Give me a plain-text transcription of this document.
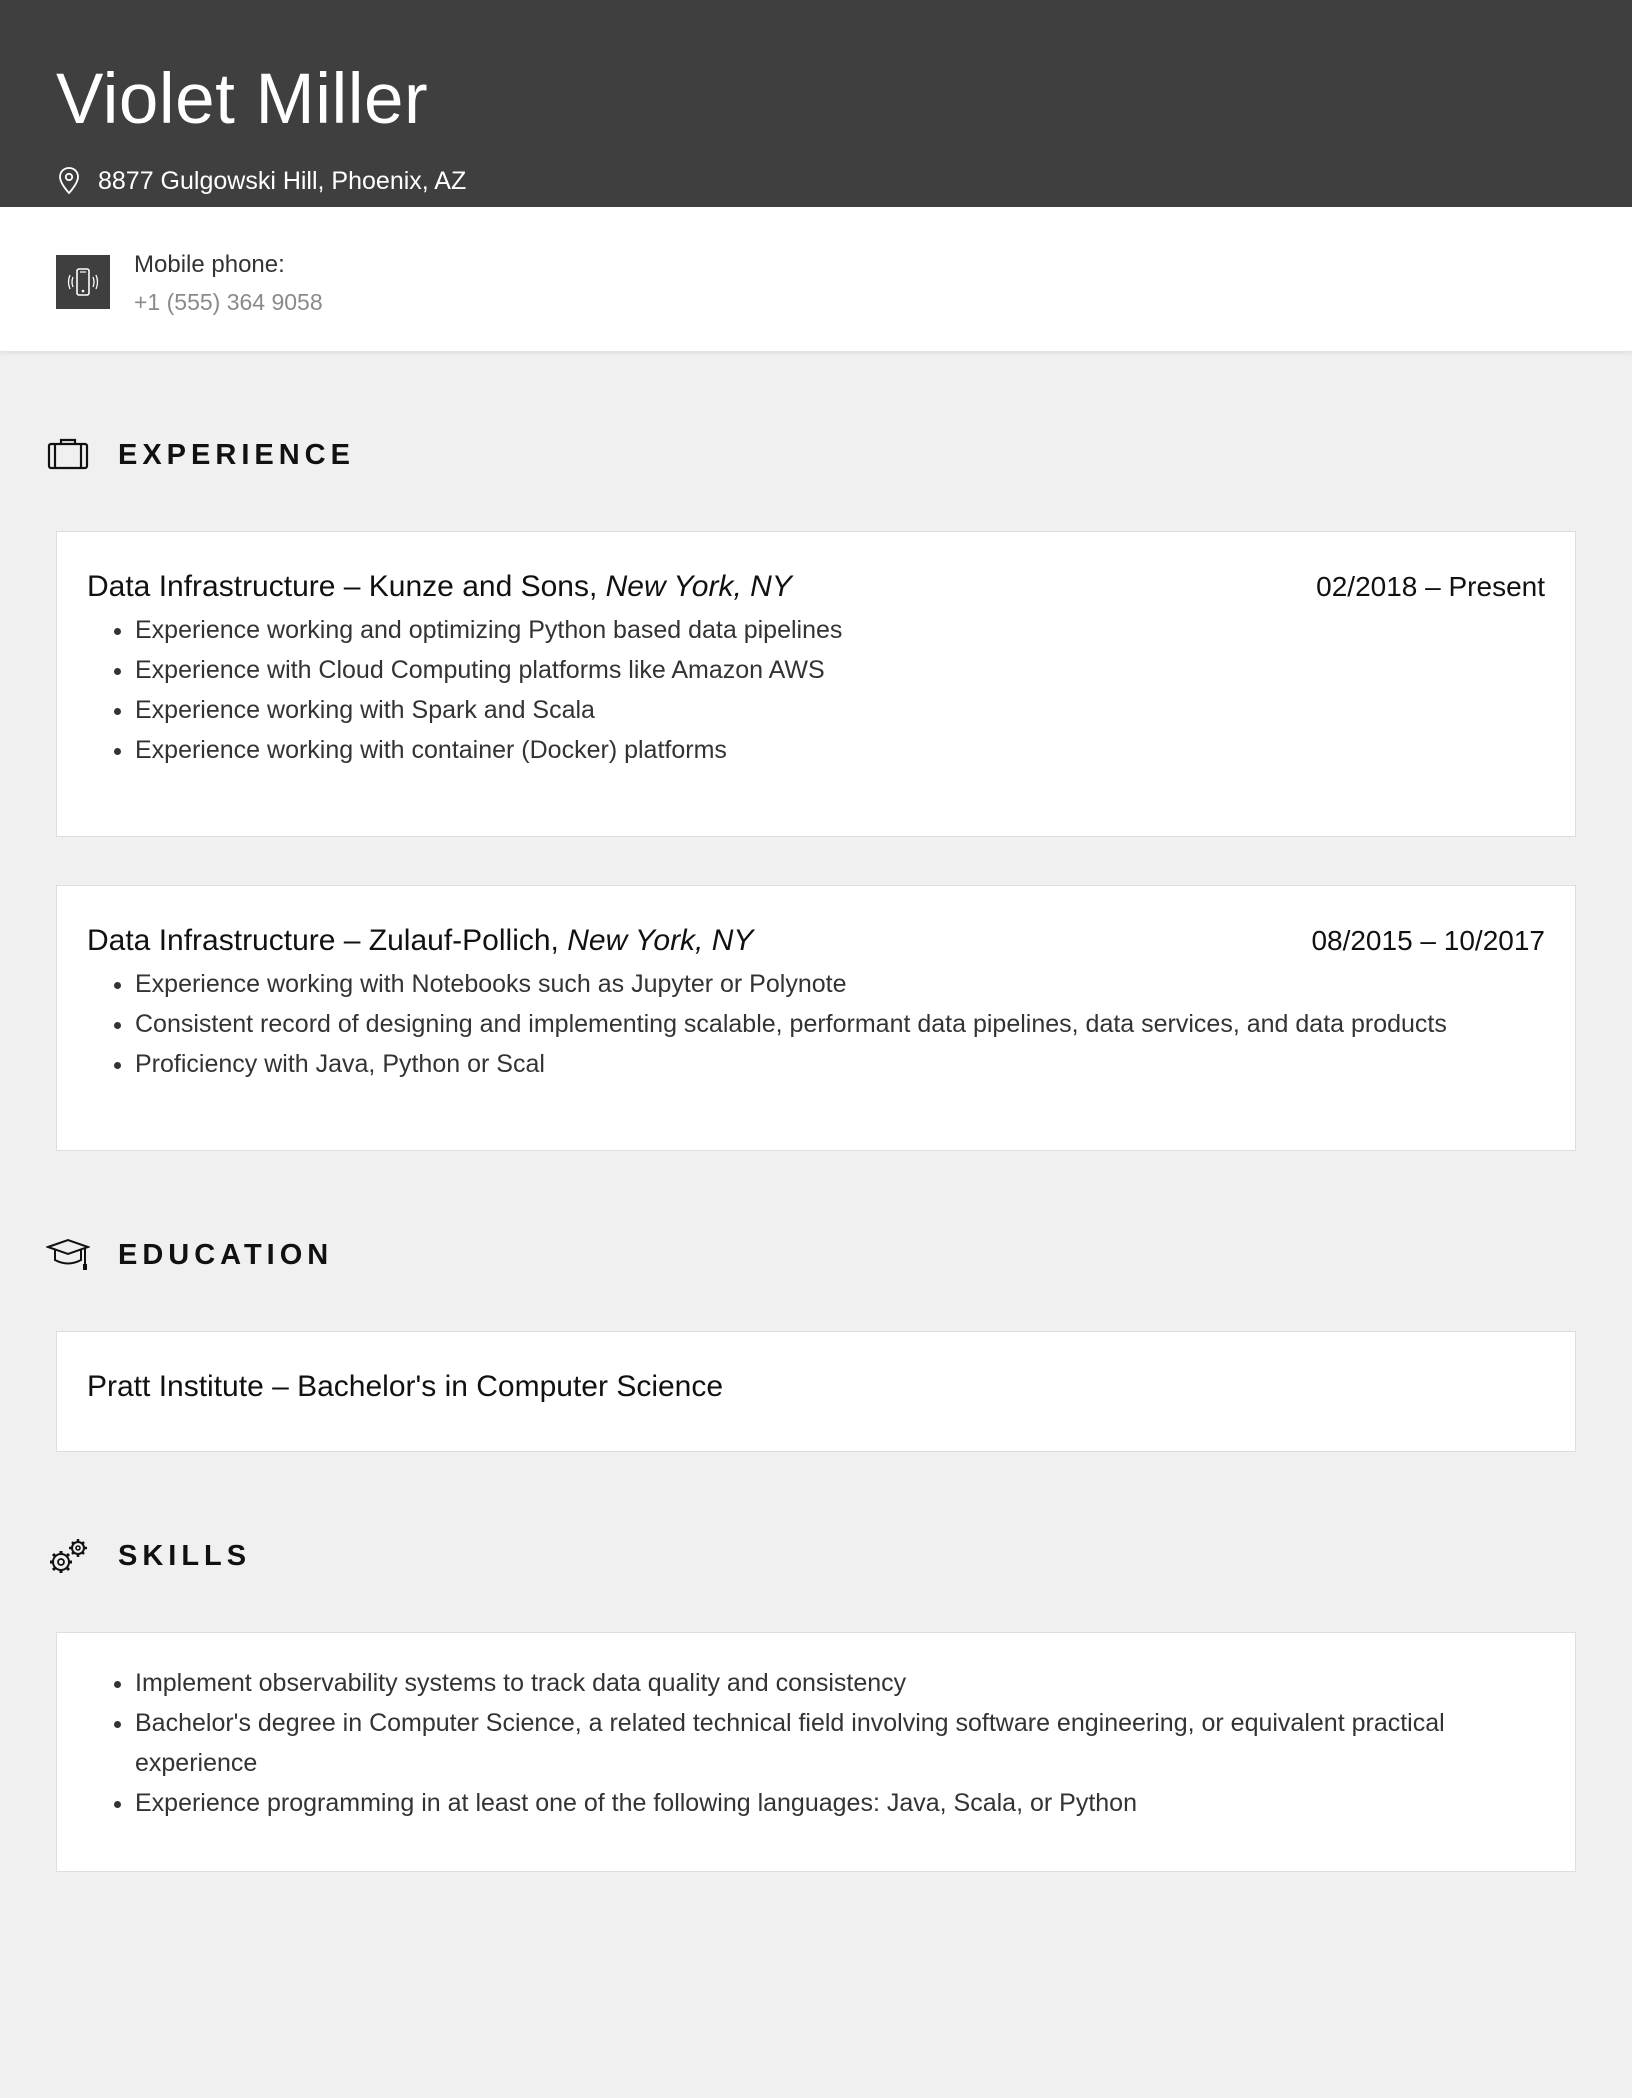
Violet Miller
8877 Gulgowski Hill, Phoenix, AZ
Mobile phone:
+1 (555) 364 9058
EXPERIENCE
Data Infrastructure – Kunze and Sons, New York, NY	02/2018 – Present
• Experience working and optimizing Python based data pipelines
• Experience with Cloud Computing platforms like Amazon AWS
• Experience working with Spark and Scala
• Experience working with container (Docker) platforms
Data Infrastructure – Zulauf-Pollich, New York, NY	08/2015 – 10/2017
• Experience working with Notebooks such as Jupyter or Polynote
• Consistent record of designing and implementing scalable, performant data pipelines, data services, and data products
• Proficiency with Java, Python or Scal
EDUCATION
Pratt Institute – Bachelor's in Computer Science
SKILLS
• Implement observability systems to track data quality and consistency
• Bachelor's degree in Computer Science, a related technical field involving software engineering, or equivalent practical experience
• Experience programming in at least one of the following languages: Java, Scala, or Python
